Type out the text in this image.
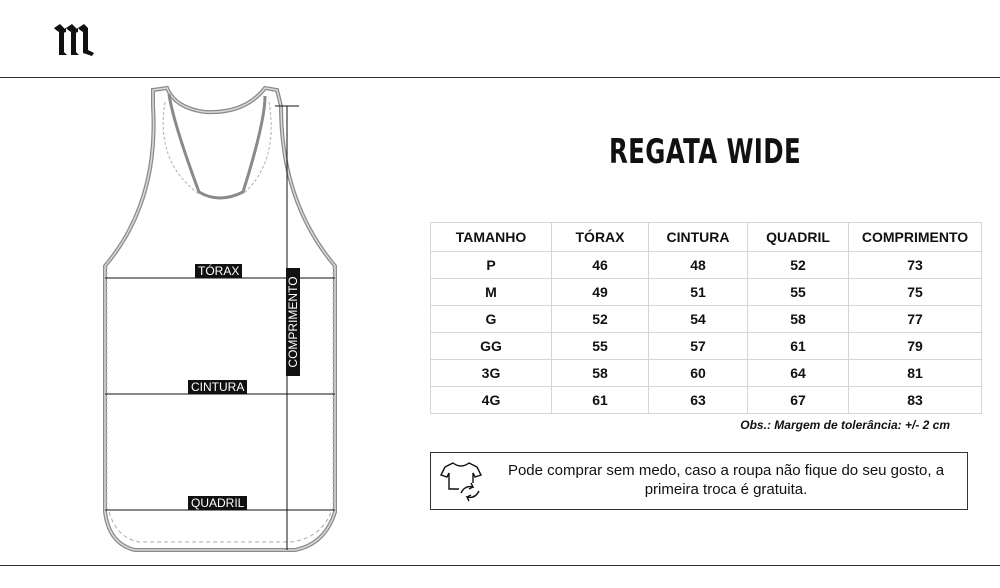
TÓRAX
CINTURA
QUADRIL
COMPRIMENTO
REGATA WIDE
TAMANHO	TÓRAX	CINTURA	QUADRIL	COMPRIMENTO
P	46	48	52	73
M	49	51	55	75
G	52	54	58	77
GG	55	57	61	79
3G	58	60	64	81
4G	61	63	67	83
Obs.: Margem de tolerância: +/- 2 cm
Pode comprar sem medo, caso a roupa não fique do seu gosto, a
primeira troca é gratuita.
